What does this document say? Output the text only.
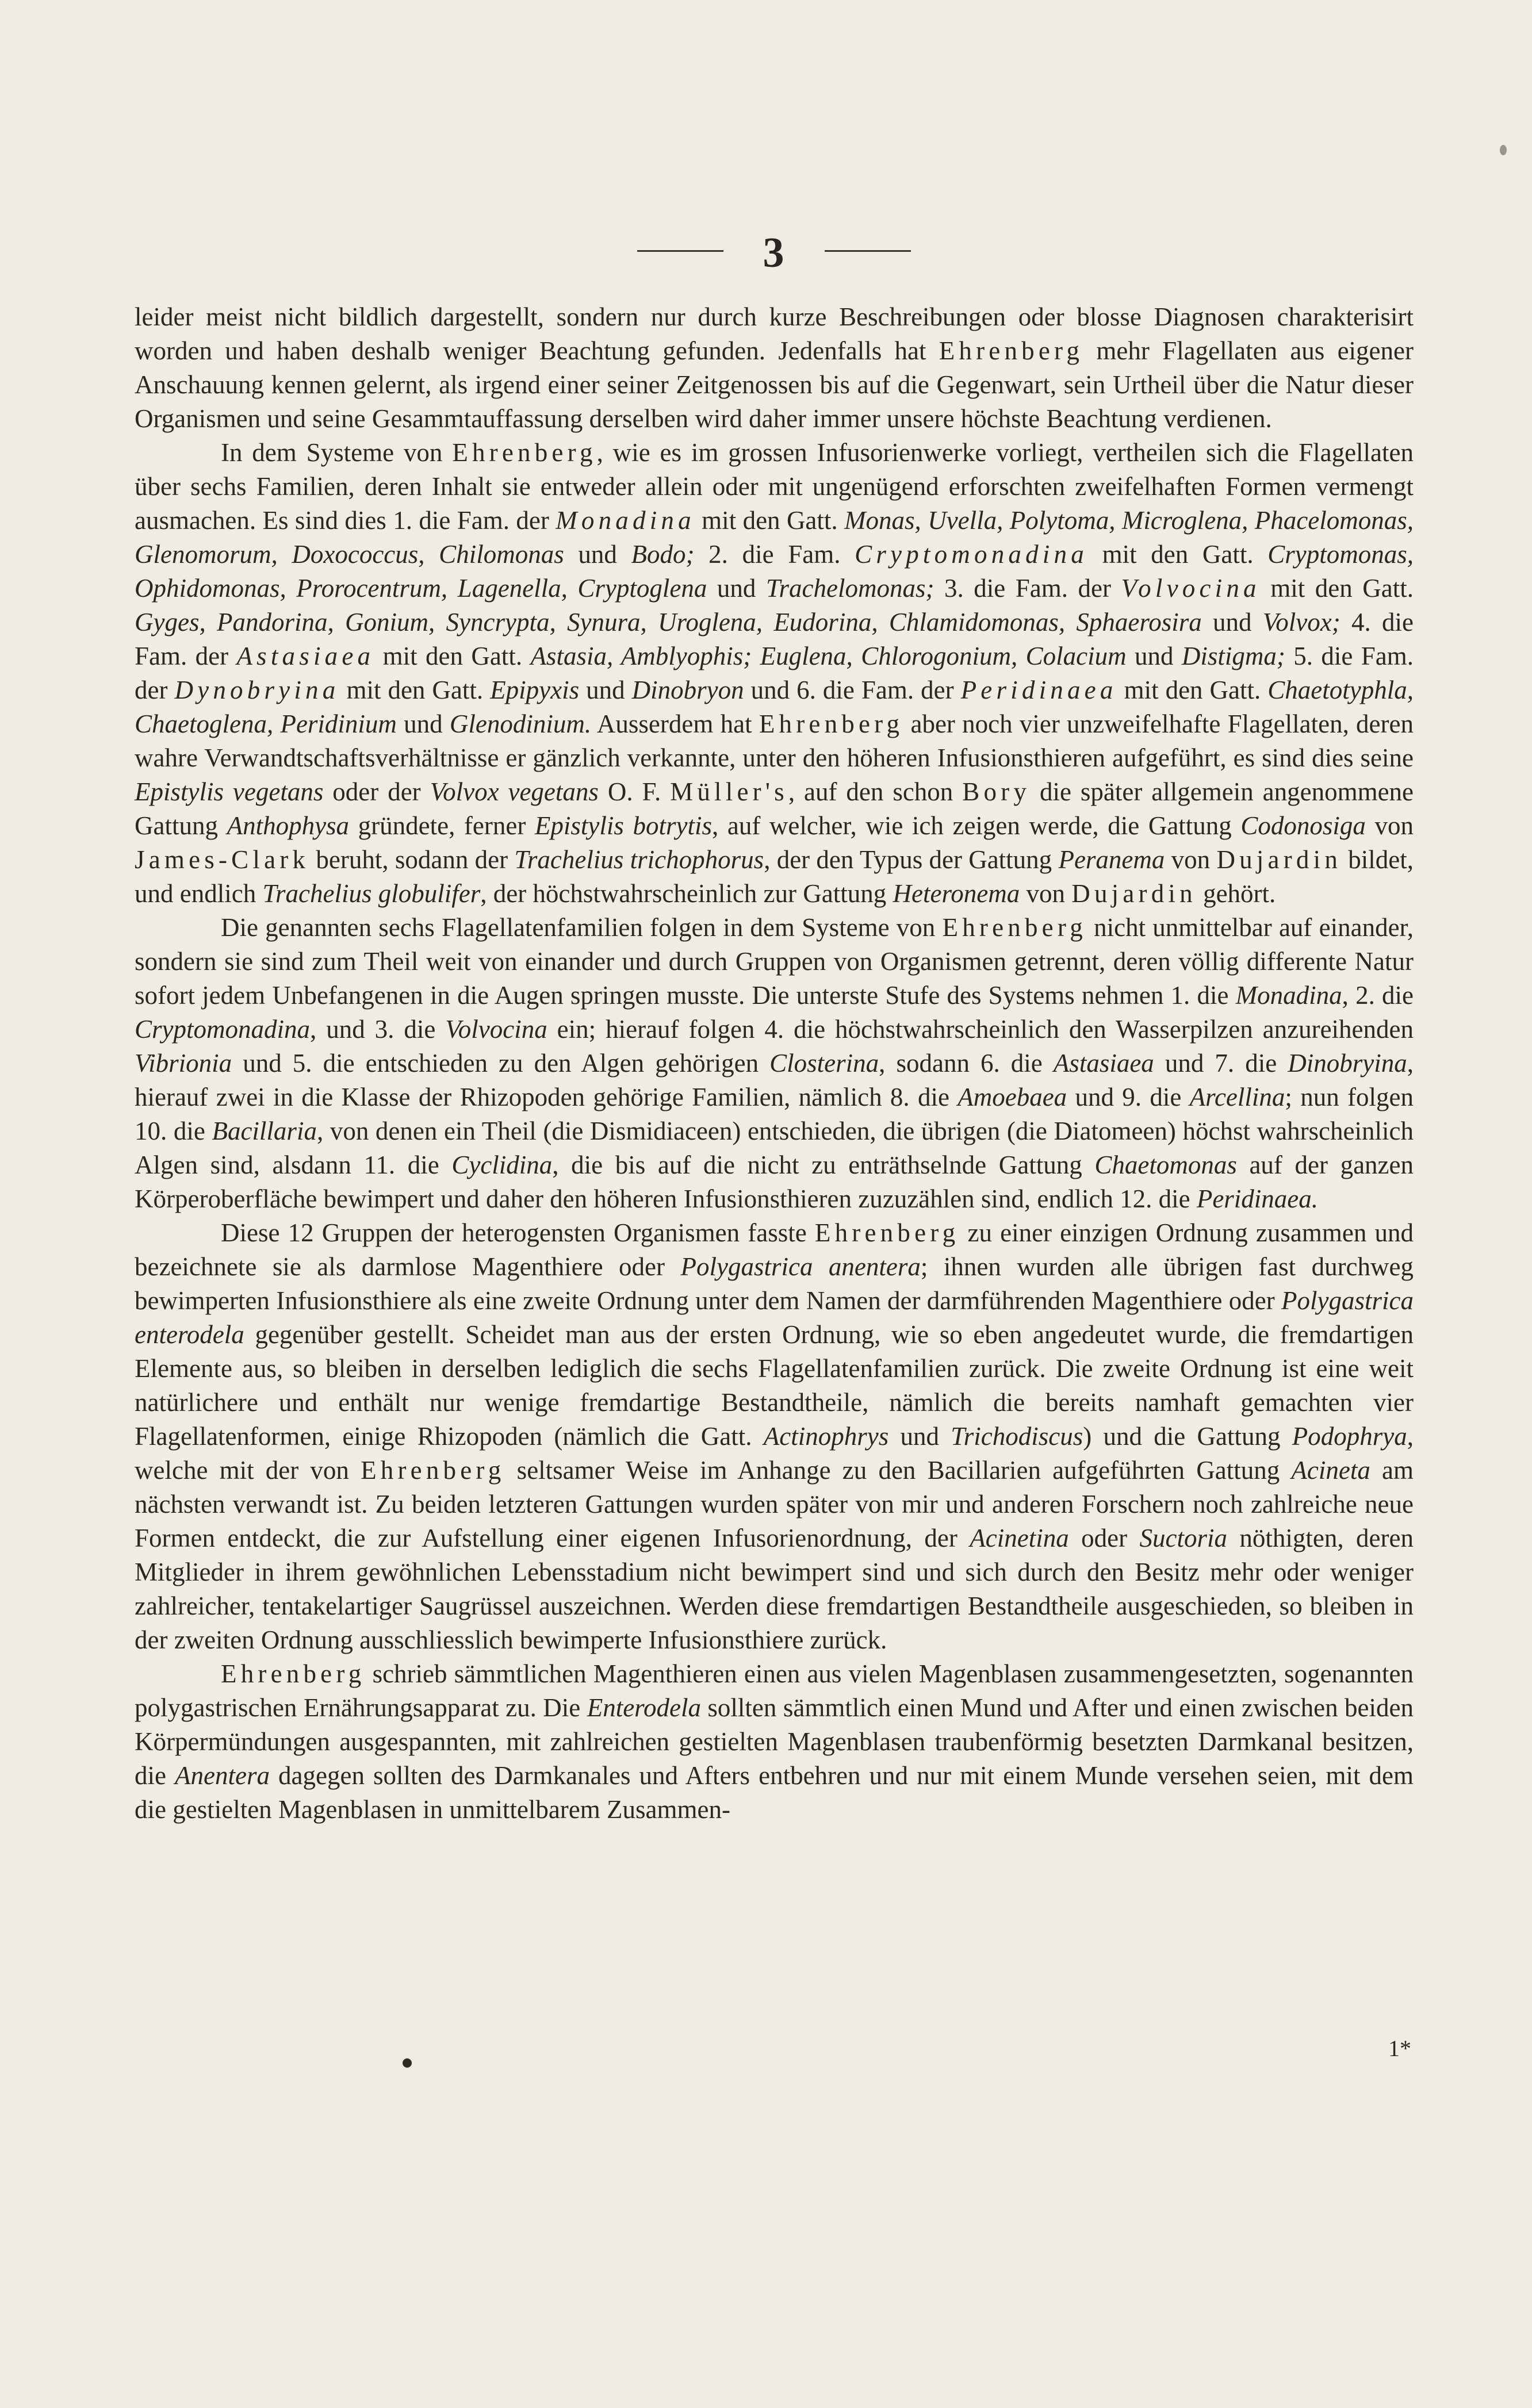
3

leider meist nicht bildlich dargestellt, sondern nur durch kurze Beschreibungen oder blosse Diagnosen charakterisirt worden und haben deshalb weniger Beachtung gefunden. Jedenfalls hat Ehrenberg mehr Flagellaten aus eigener Anschauung kennen gelernt, als irgend einer seiner Zeitgenossen bis auf die Gegenwart, sein Urtheil über die Natur dieser Organismen und seine Gesammtauffassung derselben wird daher immer unsere höchste Beachtung verdienen.

In dem Systeme von Ehrenberg, wie es im grossen Infusorienwerke vorliegt, vertheilen sich die Flagellaten über sechs Familien, deren Inhalt sie entweder allein oder mit ungenügend erforschten zweifelhaften Formen vermengt ausmachen. Es sind dies 1. die Fam. der Monadina mit den Gatt. Monas, Uvella, Polytoma, Microglena, Phacelomonas, Glenomorum, Doxococcus, Chilomonas und Bodo; 2. die Fam. Cryptomonadina mit den Gatt. Cryptomonas, Ophidomonas, Prorocentrum, Lagenella, Cryptoglena und Trachelomonas; 3. die Fam. der Volvocina mit den Gatt. Gyges, Pandorina, Gonium, Syncrypta, Synura, Uroglena, Eudorina, Chlamidomonas, Sphaerosira und Volvox; 4. die Fam. der Astasiaea mit den Gatt. Astasia, Amblyophis; Euglena, Chlorogonium, Colacium und Distigma; 5. die Fam. der Dynobryina mit den Gatt. Epipyxis und Dinobryon und 6. die Fam. der Peridinaea mit den Gatt. Chaetotyphla, Chaetoglena, Peridinium und Glenodinium. Ausserdem hat Ehrenberg aber noch vier unzweifelhafte Flagellaten, deren wahre Verwandtschaftsverhältnisse er gänzlich verkannte, unter den höheren Infusionsthieren aufgeführt, es sind dies seine Epistylis vegetans oder der Volvox vegetans O. F. Müller's, auf den schon Bory die später allgemein angenommene Gattung Anthophysa gründete, ferner Epistylis botrytis, auf welcher, wie ich zeigen werde, die Gattung Codonosiga von James-Clark beruht, sodann der Trachelius trichophorus, der den Typus der Gattung Peranema von Dujardin bildet, und endlich Trachelius globulifer, der höchstwahrscheinlich zur Gattung Heteronema von Dujardin gehört.

Die genannten sechs Flagellatenfamilien folgen in dem Systeme von Ehrenberg nicht unmittelbar auf einander, sondern sie sind zum Theil weit von einander und durch Gruppen von Organismen getrennt, deren völlig differente Natur sofort jedem Unbefangenen in die Augen springen musste. Die unterste Stufe des Systems nehmen 1. die Monadina, 2. die Cryptomonadina, und 3. die Volvocina ein; hierauf folgen 4. die höchstwahrscheinlich den Wasserpilzen anzureihenden Vibrionia und 5. die entschieden zu den Algen gehörigen Closterina, sodann 6. die Astasiaea und 7. die Dinobryina, hierauf zwei in die Klasse der Rhizopoden gehörige Familien, nämlich 8. die Amoebaea und 9. die Arcellina; nun folgen 10. die Bacillaria, von denen ein Theil (die Dismidiaceen) entschieden, die übrigen (die Diatomeen) höchst wahrscheinlich Algen sind, alsdann 11. die Cyclidina, die bis auf die nicht zu enträthselnde Gattung Chaetomonas auf der ganzen Körperoberfläche bewimpert und daher den höheren Infusionsthieren zuzuzählen sind, endlich 12. die Peridinaea.

Diese 12 Gruppen der heterogensten Organismen fasste Ehrenberg zu einer einzigen Ordnung zusammen und bezeichnete sie als darmlose Magenthiere oder Polygastrica anentera; ihnen wurden alle übrigen fast durchweg bewimperten Infusionsthiere als eine zweite Ordnung unter dem Namen der darmführenden Magenthiere oder Polygastrica enterodela gegenüber gestellt. Scheidet man aus der ersten Ordnung, wie so eben angedeutet wurde, die fremdartigen Elemente aus, so bleiben in derselben lediglich die sechs Flagellatenfamilien zurück. Die zweite Ordnung ist eine weit natürlichere und enthält nur wenige fremdartige Bestandtheile, nämlich die bereits namhaft gemachten vier Flagellatenformen, einige Rhizopoden (nämlich die Gatt. Actinophrys und Trichodiscus) und die Gattung Podophrya, welche mit der von Ehrenberg seltsamer Weise im Anhange zu den Bacillarien aufgeführten Gattung Acineta am nächsten verwandt ist. Zu beiden letzteren Gattungen wurden später von mir und anderen Forschern noch zahlreiche neue Formen entdeckt, die zur Aufstellung einer eigenen Infusorienordnung, der Acinetina oder Suctoria nöthigten, deren Mitglieder in ihrem gewöhnlichen Lebensstadium nicht bewimpert sind und sich durch den Besitz mehr oder weniger zahlreicher, tentakelartiger Saugrüssel auszeichnen. Werden diese fremdartigen Bestandtheile ausgeschieden, so bleiben in der zweiten Ordnung ausschliesslich bewimperte Infusionsthiere zurück.

Ehrenberg schrieb sämmtlichen Magenthieren einen aus vielen Magenblasen zusammengesetzten, sogenannten polygastrischen Ernährungsapparat zu. Die Enterodela sollten sämmtlich einen Mund und After und einen zwischen beiden Körpermündungen ausgespannten, mit zahlreichen gestielten Magenblasen traubenförmig besetzten Darmkanal besitzen, die Anentera dagegen sollten des Darmkanales und Afters entbehren und nur mit einem Munde versehen seien, mit dem die gestielten Magenblasen in unmittelbarem Zusammen-

1*
